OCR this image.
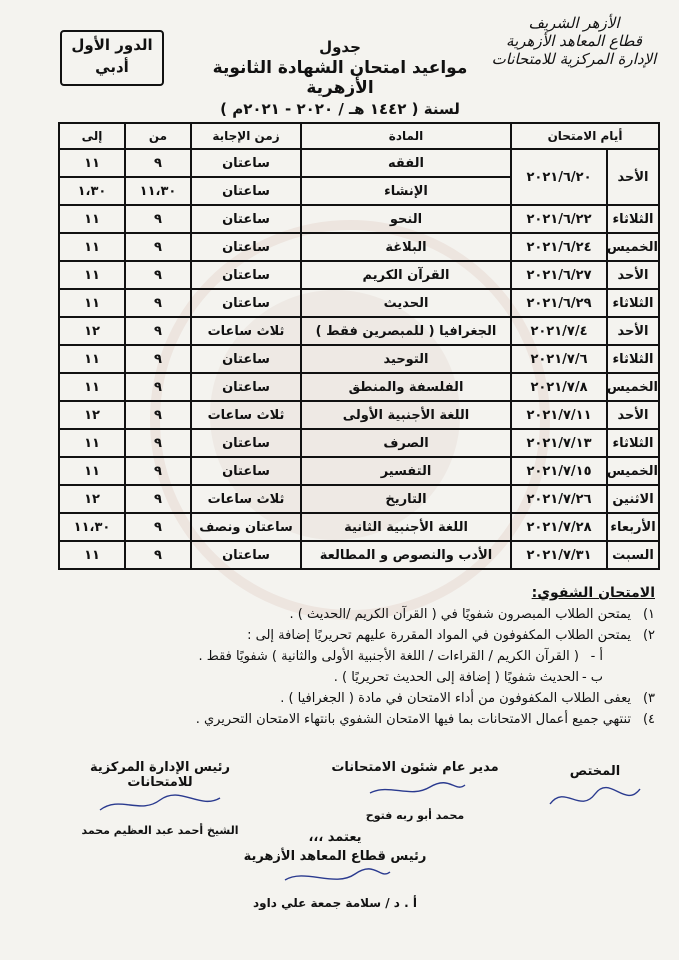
الأزهر الشريف
قطاع المعاهد الأزهرية
الإدارة المركزية للامتحانات
جدول
مواعيد امتحان الشهادة الثانوية الأزهرية
لسنة ( ١٤٤٢ هـ / ٢٠٢٠ - ٢٠٢١م )
الدور الأول
أدبي
أيام الامتحان		المادة	زمن الإجابة	من	إلى
الأحد	٢٠٢١/٦/٢٠	الفقه	ساعتان	٩	١١
		الإنشاء	ساعتان	١١،٣٠	١،٣٠
الثلاثاء	٢٠٢١/٦/٢٢	النحو	ساعتان	٩	١١
الخميس	٢٠٢١/٦/٢٤	البلاغة	ساعتان	٩	١١
الأحد	٢٠٢١/٦/٢٧	القرآن الكريم	ساعتان	٩	١١
الثلاثاء	٢٠٢١/٦/٢٩	الحديث	ساعتان	٩	١١
الأحد	٢٠٢١/٧/٤	الجغرافيا ( للمبصرين فقط )	ثلاث ساعات	٩	١٢
الثلاثاء	٢٠٢١/٧/٦	التوحيد	ساعتان	٩	١١
الخميس	٢٠٢١/٧/٨	الفلسفة والمنطق	ساعتان	٩	١١
الأحد	٢٠٢١/٧/١١	اللغة الأجنبية الأولى	ثلاث ساعات	٩	١٢
الثلاثاء	٢٠٢١/٧/١٣	الصرف	ساعتان	٩	١١
الخميس	٢٠٢١/٧/١٥	التفسير	ساعتان	٩	١١
الاثنين	٢٠٢١/٧/٢٦	التاريخ	ثلاث ساعات	٩	١٢
الأربعاء	٢٠٢١/٧/٢٨	اللغة الأجنبية الثانية	ساعتان ونصف	٩	١١،٣٠
السبت	٢٠٢١/٧/٣١	الأدب والنصوص و المطالعة	ساعتان	٩	١١
الامتحان الشفوي:
١)يمتحن الطلاب المبصرون شفويًا في ( القرآن الكريم /الحديث ) .
٢)يمتحن الطلاب المكفوفون في المواد المقررة عليهم تحريريًا إضافة إلى :
أ -( القرآن الكريم / القراءات / اللغة الأجنبية الأولى والثانية ) شفويًا فقط .
ب -الحديث شفويًا ( إضافة إلى الحديث تحريريًا ) .
٣)يعفى الطلاب المكفوفون من أداء الامتحان في مادة ( الجغرافيا ) .
٤)تنتهي جميع أعمال الامتحانات بما فيها الامتحان الشفوي بانتهاء الامتحان التحريري .
رئيس الإدارة المركزية للامتحانات
الشيخ أحمد عبد العظيم محمد
مدير عام شئون الامتحانات
محمد أبو ربه فتوح
المختص
يعتمد ،،،
رئيس قطاع المعاهد الأزهرية
أ . د / سلامة جمعة علي داود
